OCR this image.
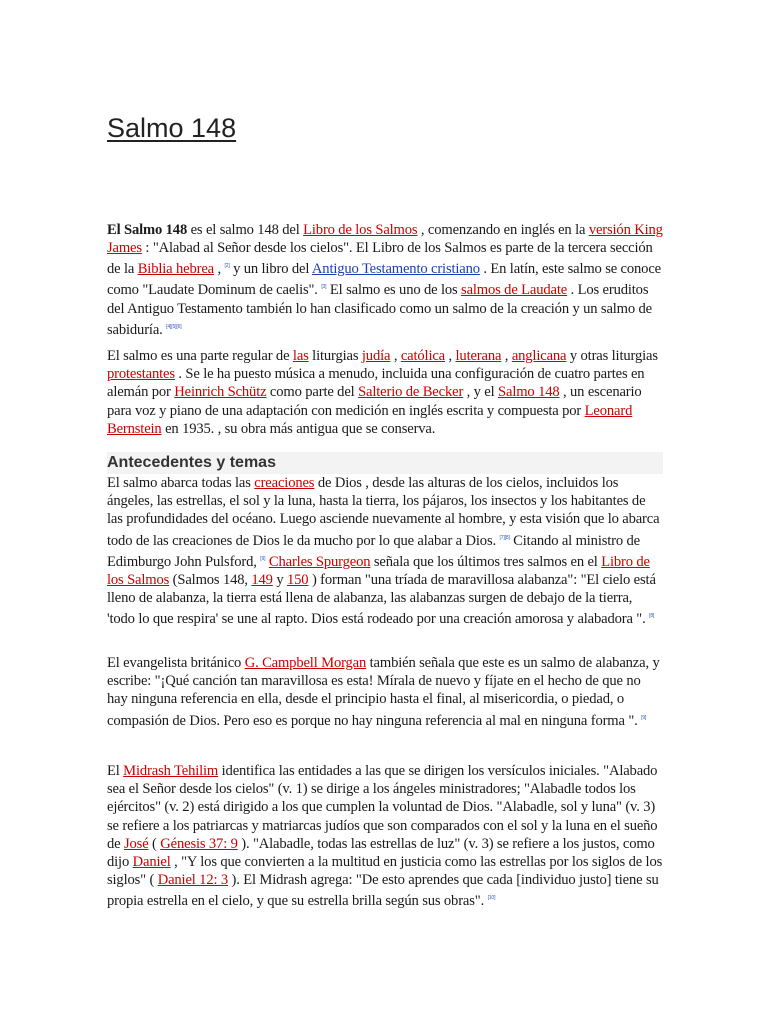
Salmo 148

El Salmo 148 es el salmo 148 del Libro de los Salmos , comenzando en inglés en la versión King James : "Alabad al Señor desde los cielos". El Libro de los Salmos es parte de la tercera sección de la Biblia hebrea , [2] y un libro del Antiguo Testamento cristiano . En latín, este salmo se conoce como "Laudate Dominum de caelis". [3] El salmo es uno de los salmos de Laudate . Los eruditos del Antiguo Testamento también lo han clasificado como un salmo de la creación y un salmo de sabiduría. [4][5][6]

El salmo es una parte regular de las liturgias judía , católica , luterana , anglicana y otras liturgias protestantes . Se le ha puesto música a menudo, incluida una configuración de cuatro partes en alemán por Heinrich Schütz como parte del Salterio de Becker , y el Salmo 148 , un escenario para voz y piano de una adaptación con medición en inglés escrita y compuesta por Leonard Bernstein en 1935. , su obra más antigua que se conserva.

Antecedentes y temas

El salmo abarca todas las creaciones de Dios , desde las alturas de los cielos, incluidos los ángeles, las estrellas, el sol y la luna, hasta la tierra, los pájaros, los insectos y los habitantes de las profundidades del océano. Luego asciende nuevamente al hombre, y esta visión que lo abarca todo de las creaciones de Dios le da mucho por lo que alabar a Dios. [7][8] Citando al ministro de Edimburgo John Pulsford, [9] Charles Spurgeon señala que los últimos tres salmos en el Libro de los Salmos (Salmos 148, 149 y 150 ) forman "una tríada de maravillosa alabanza": "El cielo está lleno de alabanza, la tierra está llena de alabanza, las alabanzas surgen de debajo de la tierra, 'todo lo que respira' se une al rapto. Dios está rodeado por una creación amorosa y alabadora ". [8]

El evangelista británico G. Campbell Morgan también señala que este es un salmo de alabanza, y escribe: "¡Qué canción tan maravillosa es esta! Mírala de nuevo y fíjate en el hecho de que no hay ninguna referencia en ella, desde el principio hasta el final, al misericordia, o piedad, o compasión de Dios. Pero eso es porque no hay ninguna referencia al mal en ninguna forma ". [9]

El Midrash Tehilim identifica las entidades a las que se dirigen los versículos iniciales. "Alabado sea el Señor desde los cielos" (v. 1) se dirige a los ángeles ministradores; "Alabadle todos los ejércitos" (v. 2) está dirigido a los que cumplen la voluntad de Dios. "Alabadle, sol y luna" (v. 3) se refiere a los patriarcas y matriarcas judíos que son comparados con el sol y la luna en el sueño de José ( Génesis 37: 9 ). "Alabadle, todas las estrellas de luz" (v. 3) se refiere a los justos, como dijo Daniel , "Y los que convierten a la multitud en justicia como las estrellas por los siglos de los siglos" ( Daniel 12: 3 ). El Midrash agrega: "De esto aprendes que cada [individuo justo] tiene su propia estrella en el cielo, y que su estrella brilla según sus obras". [10]
